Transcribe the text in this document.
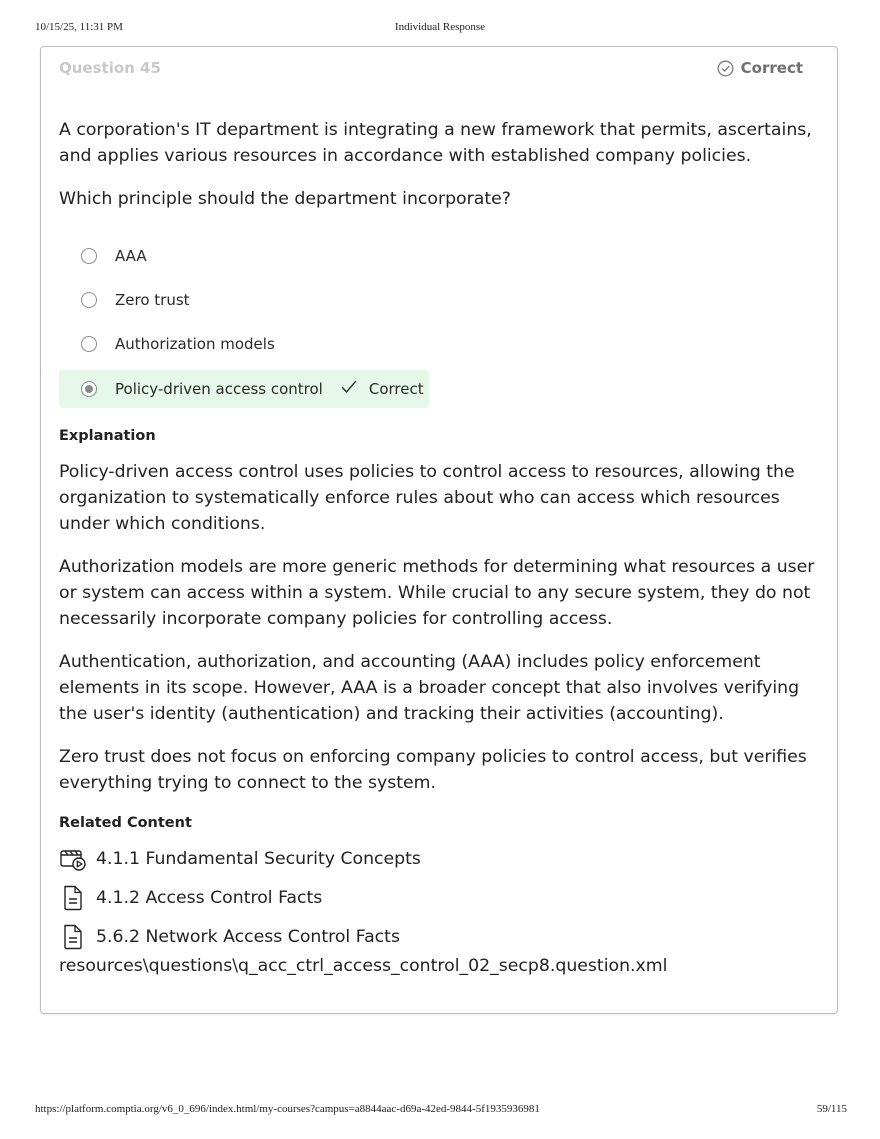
10/15/25, 11:31 PM	Individual Response
Question 45	Correct

A corporation's IT department is integrating a new framework that permits, ascertains, and applies various resources in accordance with established company policies.

Which principle should the department incorporate?
AAA
Zero trust
Authorization models
Policy-driven access control	Correct
Explanation

Policy-driven access control uses policies to control access to resources, allowing the organization to systematically enforce rules about who can access which resources under which conditions.

Authorization models are more generic methods for determining what resources a user or system can access within a system. While crucial to any secure system, they do not necessarily incorporate company policies for controlling access.

Authentication, authorization, and accounting (AAA) includes policy enforcement elements in its scope. However, AAA is a broader concept that also involves verifying the user's identity (authentication) and tracking their activities (accounting).

Zero trust does not focus on enforcing company policies to control access, but verifies everything trying to connect to the system.

Related Content
4.1.1 Fundamental Security Concepts
4.1.2 Access Control Facts
5.6.2 Network Access Control Facts
resources\questions\q_acc_ctrl_access_control_02_secp8.question.xml
https://platform.comptia.org/v6_0_696/index.html/my-courses?campus=a8844aac-d69a-42ed-9844-5f1935936981	59/115
